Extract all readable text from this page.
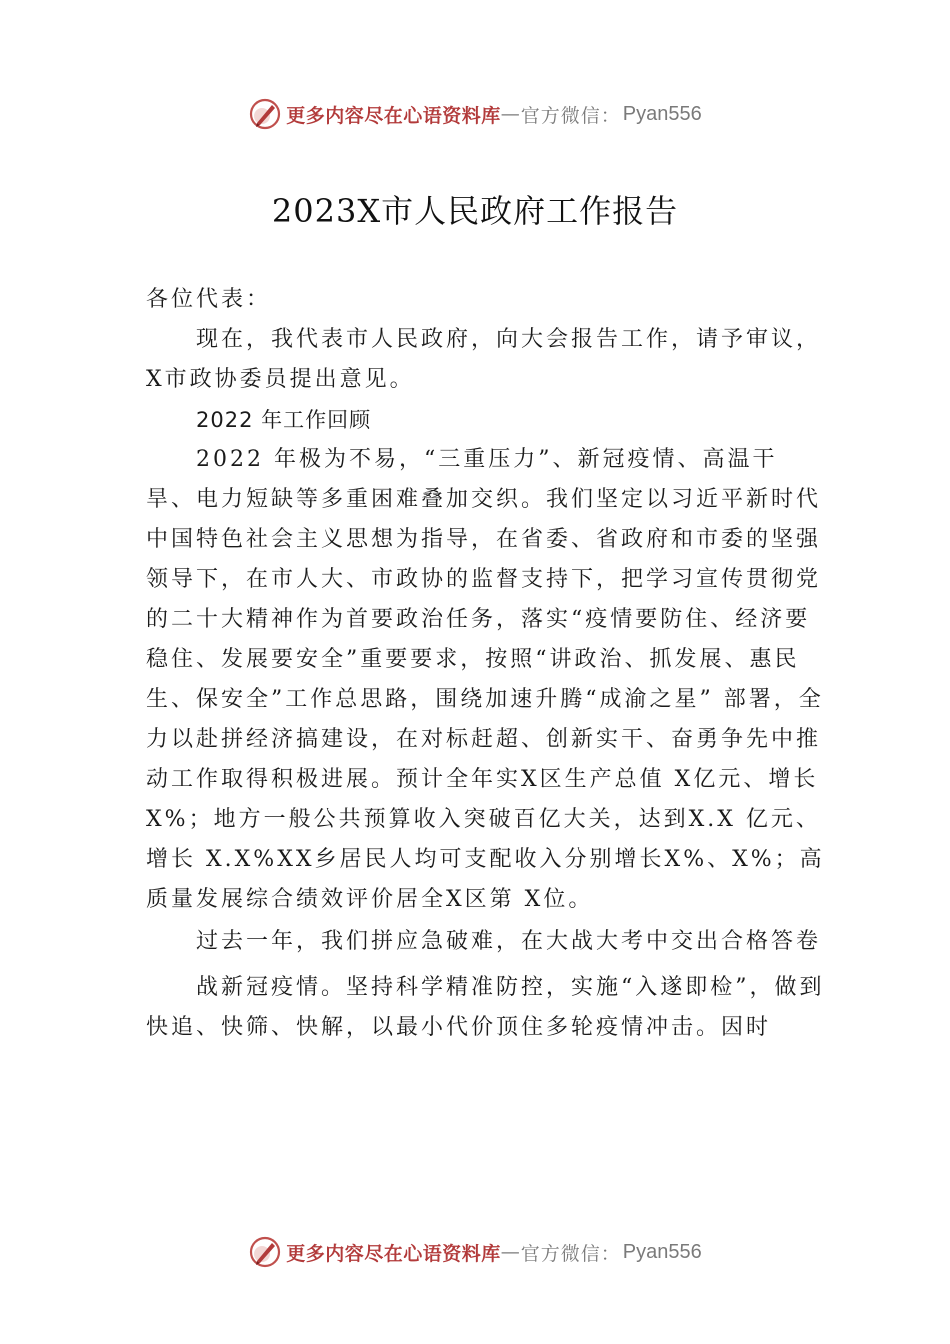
更多内容尽在心语资料库 — 官方微信： Pyan556
2023X市人民政府工作报告

各位代表：

现在，我代表市人民政府，向大会报告工作，请予审议，X市政协委员提出意见。

2022 年工作回顾

2022 年极为不易，“三重压力”、新冠疫情、高温干旱、电力短缺等多重困难叠加交织。我们坚定以习近平新时代中国特色社会主义思想为指导，在省委、省政府和市委的坚强领导下，在市人大、市政协的监督支持下，把学习宣传贯彻党的二十大精神作为首要政治任务，落实“疫情要防住、经济要稳住、发展要安全”重要要求，按照“讲政治、抓发展、惠民生、保安全”工作总思路，围绕加速升腾“成渝之星” 部署，全力以赴拼经济搞建设，在对标赶超、创新实干、奋勇争先中推动工作取得积极进展。预计全年实X区生产总值 X亿元、增长 X%；地方一般公共预算收入突破百亿大关，达到X.X 亿元、增长 X.X%XX乡居民人均可支配收入分别增长X%、X%；高质量发展综合绩效评价居全X区第 X位。

过去一年，我们拼应急破难，在大战大考中交出合格答卷

战新冠疫情。坚持科学精准防控，实施“入遂即检”，做到快追、快筛、快解，以最小代价顶住多轮疫情冲击。因时

更多内容尽在心语资料库 — 官方微信： Pyan556
